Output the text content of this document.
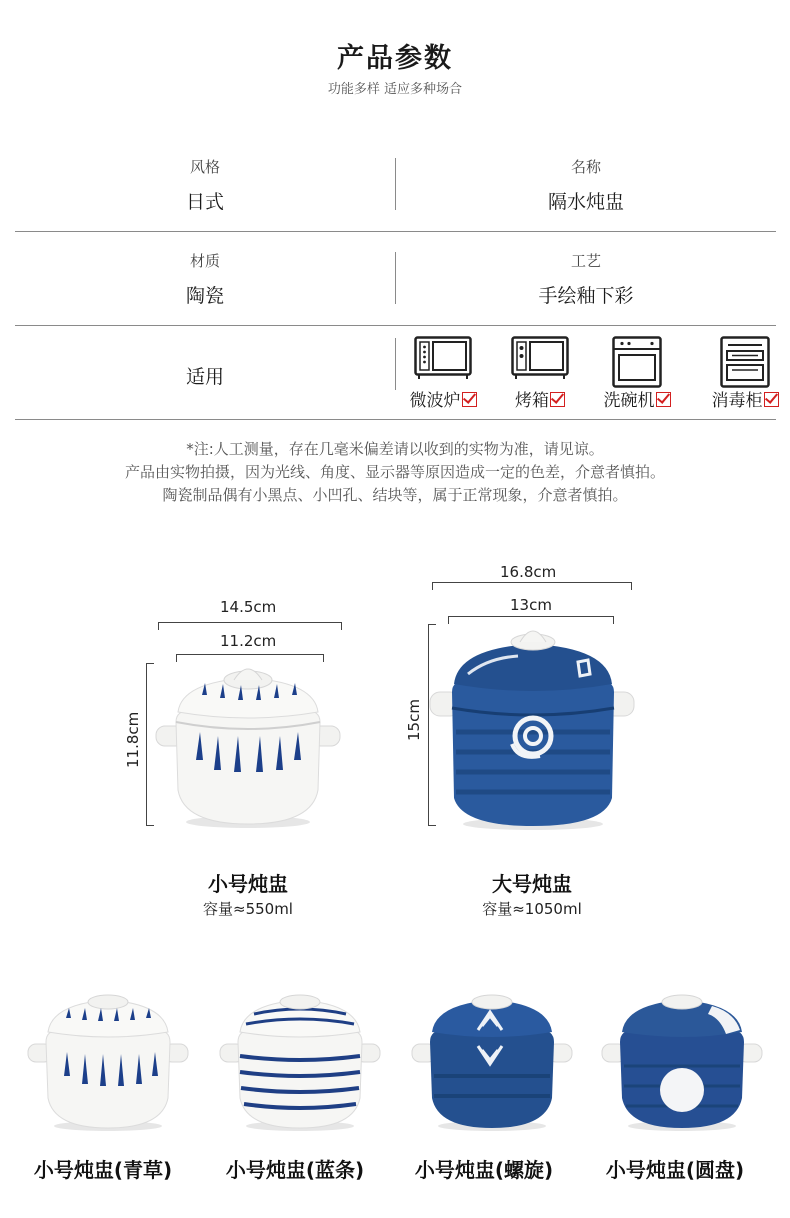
产品参数
功能多样 适应多种场合
风格
日式
名称
隔水炖盅
材质
陶瓷
工艺
手绘釉下彩
适用
微波炉	烤箱	洗碗机	消毒柜
*注:人工测量，存在几毫米偏差请以收到的实物为准，请见谅。
产品由实物拍摄，因为光线、角度、显示器等原因造成一定的色差，介意者慎拍。
陶瓷制品偶有小黑点、小凹孔、结块等，属于正常现象，介意者慎拍。
14.5cm
11.2cm
11.8cm
小号炖盅
容量≈550ml
16.8cm
13cm
15cm
大号炖盅
容量≈1050ml
小号炖盅(青草)	小号炖盅(蓝条)	小号炖盅(螺旋)	小号炖盅(圆盘)
